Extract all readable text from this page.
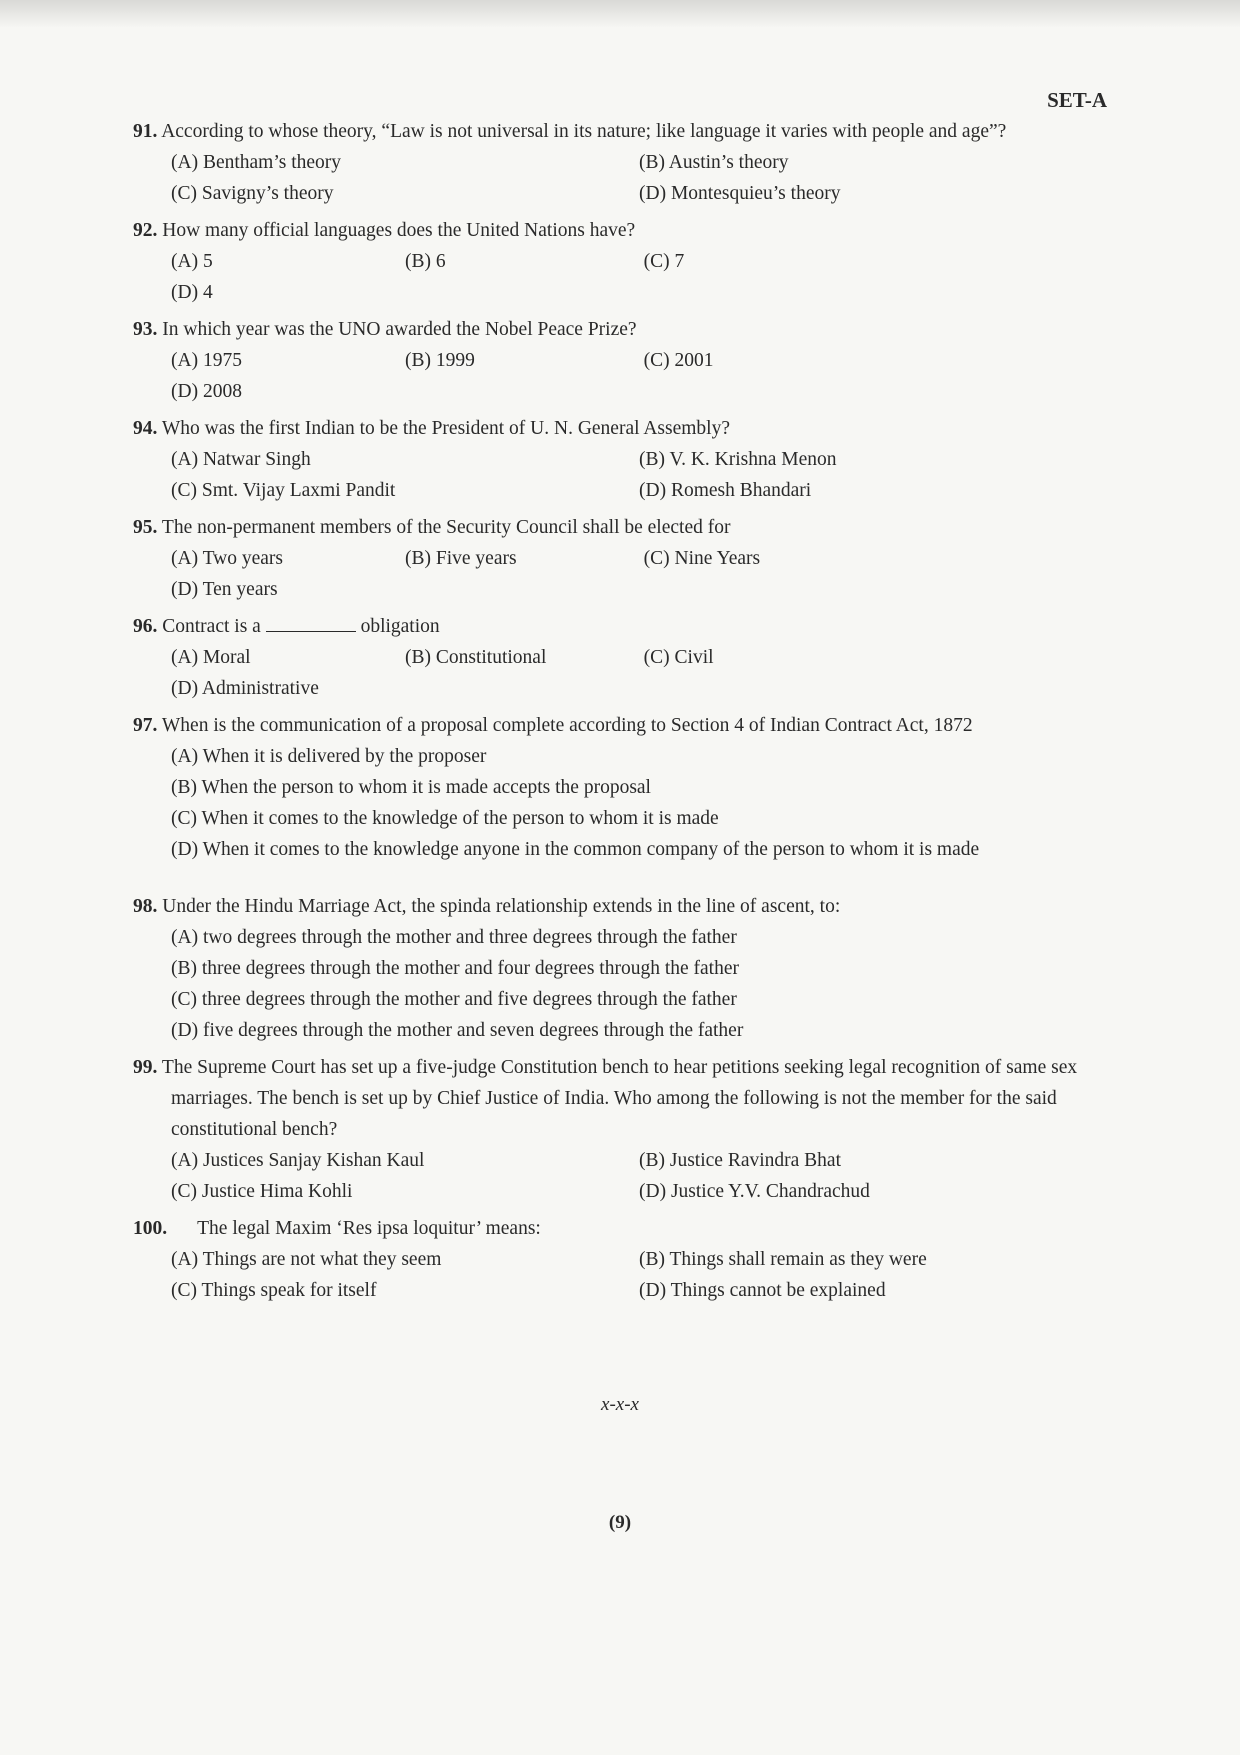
SET-A
91. According to whose theory, “Law is not universal in its nature; like language it varies with people and age”?
(A) Bentham’s theory	(B) Austin’s theory
(C) Savigny’s theory	(D) Montesquieu’s theory
92. How many official languages does the United Nations have?
(A) 5	(B) 6	(C) 7
(D) 4
93. In which year was the UNO awarded the Nobel Peace Prize?
(A) 1975	(B) 1999	(C) 2001
(D) 2008
94. Who was the first Indian to be the President of U. N. General Assembly?
(A) Natwar Singh	(B) V. K. Krishna Menon
(C) Smt. Vijay Laxmi Pandit	(D) Romesh Bhandari
95. The non-permanent members of the Security Council shall be elected for
(A) Two years	(B) Five years	(C) Nine Years
(D) Ten years
96. Contract is a	obligation
(A) Moral	(B) Constitutional	(C) Civil
(D) Administrative
97. When is the communication of a proposal complete according to Section 4 of Indian Contract Act, 1872
(A) When it is delivered by the proposer
(B) When the person to whom it is made accepts the proposal
(C) When it comes to the knowledge of the person to whom it is made
(D) When it comes to the knowledge anyone in the common company of the person to whom it is made
98. Under the Hindu Marriage Act, the spinda relationship extends in the line of ascent, to:
(A) two degrees through the mother and three degrees through the father
(B) three degrees through the mother and four degrees through the father
(C) three degrees through the mother and five degrees through the father
(D) five degrees through the mother and seven degrees through the father
99. The Supreme Court has set up a five-judge Constitution bench to hear petitions seeking legal recognition of same sex marriages. The bench is set up by Chief Justice of India. Who among the following is not the member for the said constitutional bench?
(A) Justices Sanjay Kishan Kaul	(B) Justice Ravindra Bhat
(C) Justice Hima Kohli	(D) Justice Y.V. Chandrachud
100. The legal Maxim ‘Res ipsa loquitur’ means:
(A) Things are not what they seem	(B) Things shall remain as they were
(C) Things speak for itself	(D) Things cannot be explained
x-x-x
(9)
